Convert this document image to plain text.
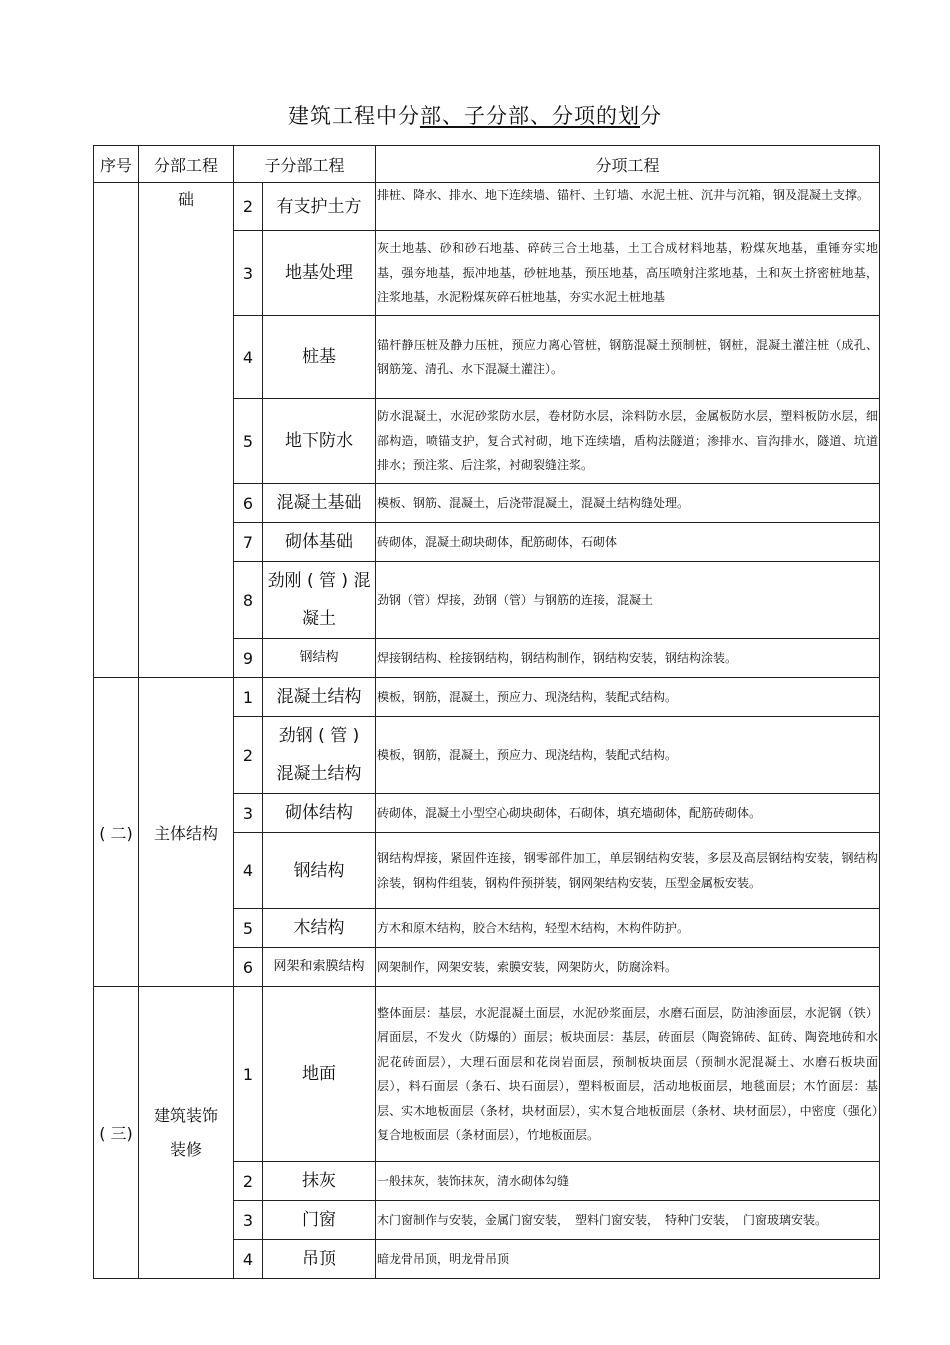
建筑工程中分部、子分部、分项的划分
序号	分部工程	子分部工程		分项工程
	础	2	有支护土方	排桩、降水、排水、地下连续墙、锚杆、土钉墙、水泥土桩、沉井与沉箱，钢及混凝土支撑。
		3	地基处理	灰土地基、砂和砂石地基、碎砖三合土地基，土工合成材料地基，粉煤灰地基，重锤夯实地基，强夯地基，振冲地基，砂桩地基，预压地基，高压喷射注浆地基，土和灰土挤密桩地基，注浆地基，水泥粉煤灰碎石桩地基，夯实水泥土桩地基
		4	桩基	锚杆静压桩及静力压桩，预应力离心管桩，钢筋混凝土预制桩，钢桩，混凝土灌注桩（成孔、钢筋笼、清孔、水下混凝土灌注）。
		5	地下防水	防水混凝土，水泥砂浆防水层，卷材防水层，涂料防水层，金属板防水层，塑料板防水层，细部构造，喷锚支护，复合式衬砌，地下连续墙，盾构法隧道；渗排水、盲沟排水，隧道、坑道排水；预注浆、后注浆，衬砌裂缝注浆。
		6	混凝土基础	模板、钢筋、混凝土，后浇带混凝土，混凝土结构缝处理。
		7	砌体基础	砖砌体，混凝土砌块砌体，配筋砌体，石砌体
		8	劲刚 ( 管 ) 混凝土	劲钢（管）焊接，劲钢（管）与钢筋的连接，混凝土
		9	钢结构	焊接钢结构、栓接钢结构，钢结构制作，钢结构安装，钢结构涂装。
( 二)	主体结构	1	混凝土结构	模板，钢筋，混凝土，预应力、现浇结构，装配式结构。
		2	劲钢 ( 管 ) 混凝土结构	模板，钢筋，混凝土，预应力、现浇结构，装配式结构。
		3	砌体结构	砖砌体，混凝土小型空心砌块砌体，石砌体，填充墙砌体，配筋砖砌体。
		4	钢结构	钢结构焊接，紧固件连接，钢零部件加工，单层钢结构安装，多层及高层钢结构安装，钢结构涂装，钢构件组装，钢构件预拼装，钢网架结构安装，压型金属板安装。
		5	木结构	方木和原木结构，胶合木结构，轻型木结构，木构件防护。
		6	网架和索膜结构	网架制作，网架安装，索膜安装，网架防火，防腐涂料。
( 三)	建筑装饰装修	1	地面	整体面层：基层，水泥混凝土面层，水泥砂浆面层，水磨石面层，防油渗面层，水泥钢（铁）屑面层，不发火（防爆的）面层；板块面层：基层，砖面层（陶瓷锦砖、缸砖、陶瓷地砖和水泥花砖面层），大理石面层和花岗岩面层，预制板块面层（预制水泥混凝土、水磨石板块面层），料石面层（条石、块石面层），塑料板面层，活动地板面层，地毯面层；木竹面层：基层、实木地板面层（条材，块材面层），实木复合地板面层（条材、块材面层），中密度（强化）复合地板面层（条材面层），竹地板面层。
		2	抹灰	一般抹灰，装饰抹灰，清水砌体勾缝
		3	门窗	木门窗制作与安装，金属门窗安装，　塑料门窗安装，　特种门安装，　门窗玻璃安装。
		4	吊顶	暗龙骨吊顶，明龙骨吊顶
